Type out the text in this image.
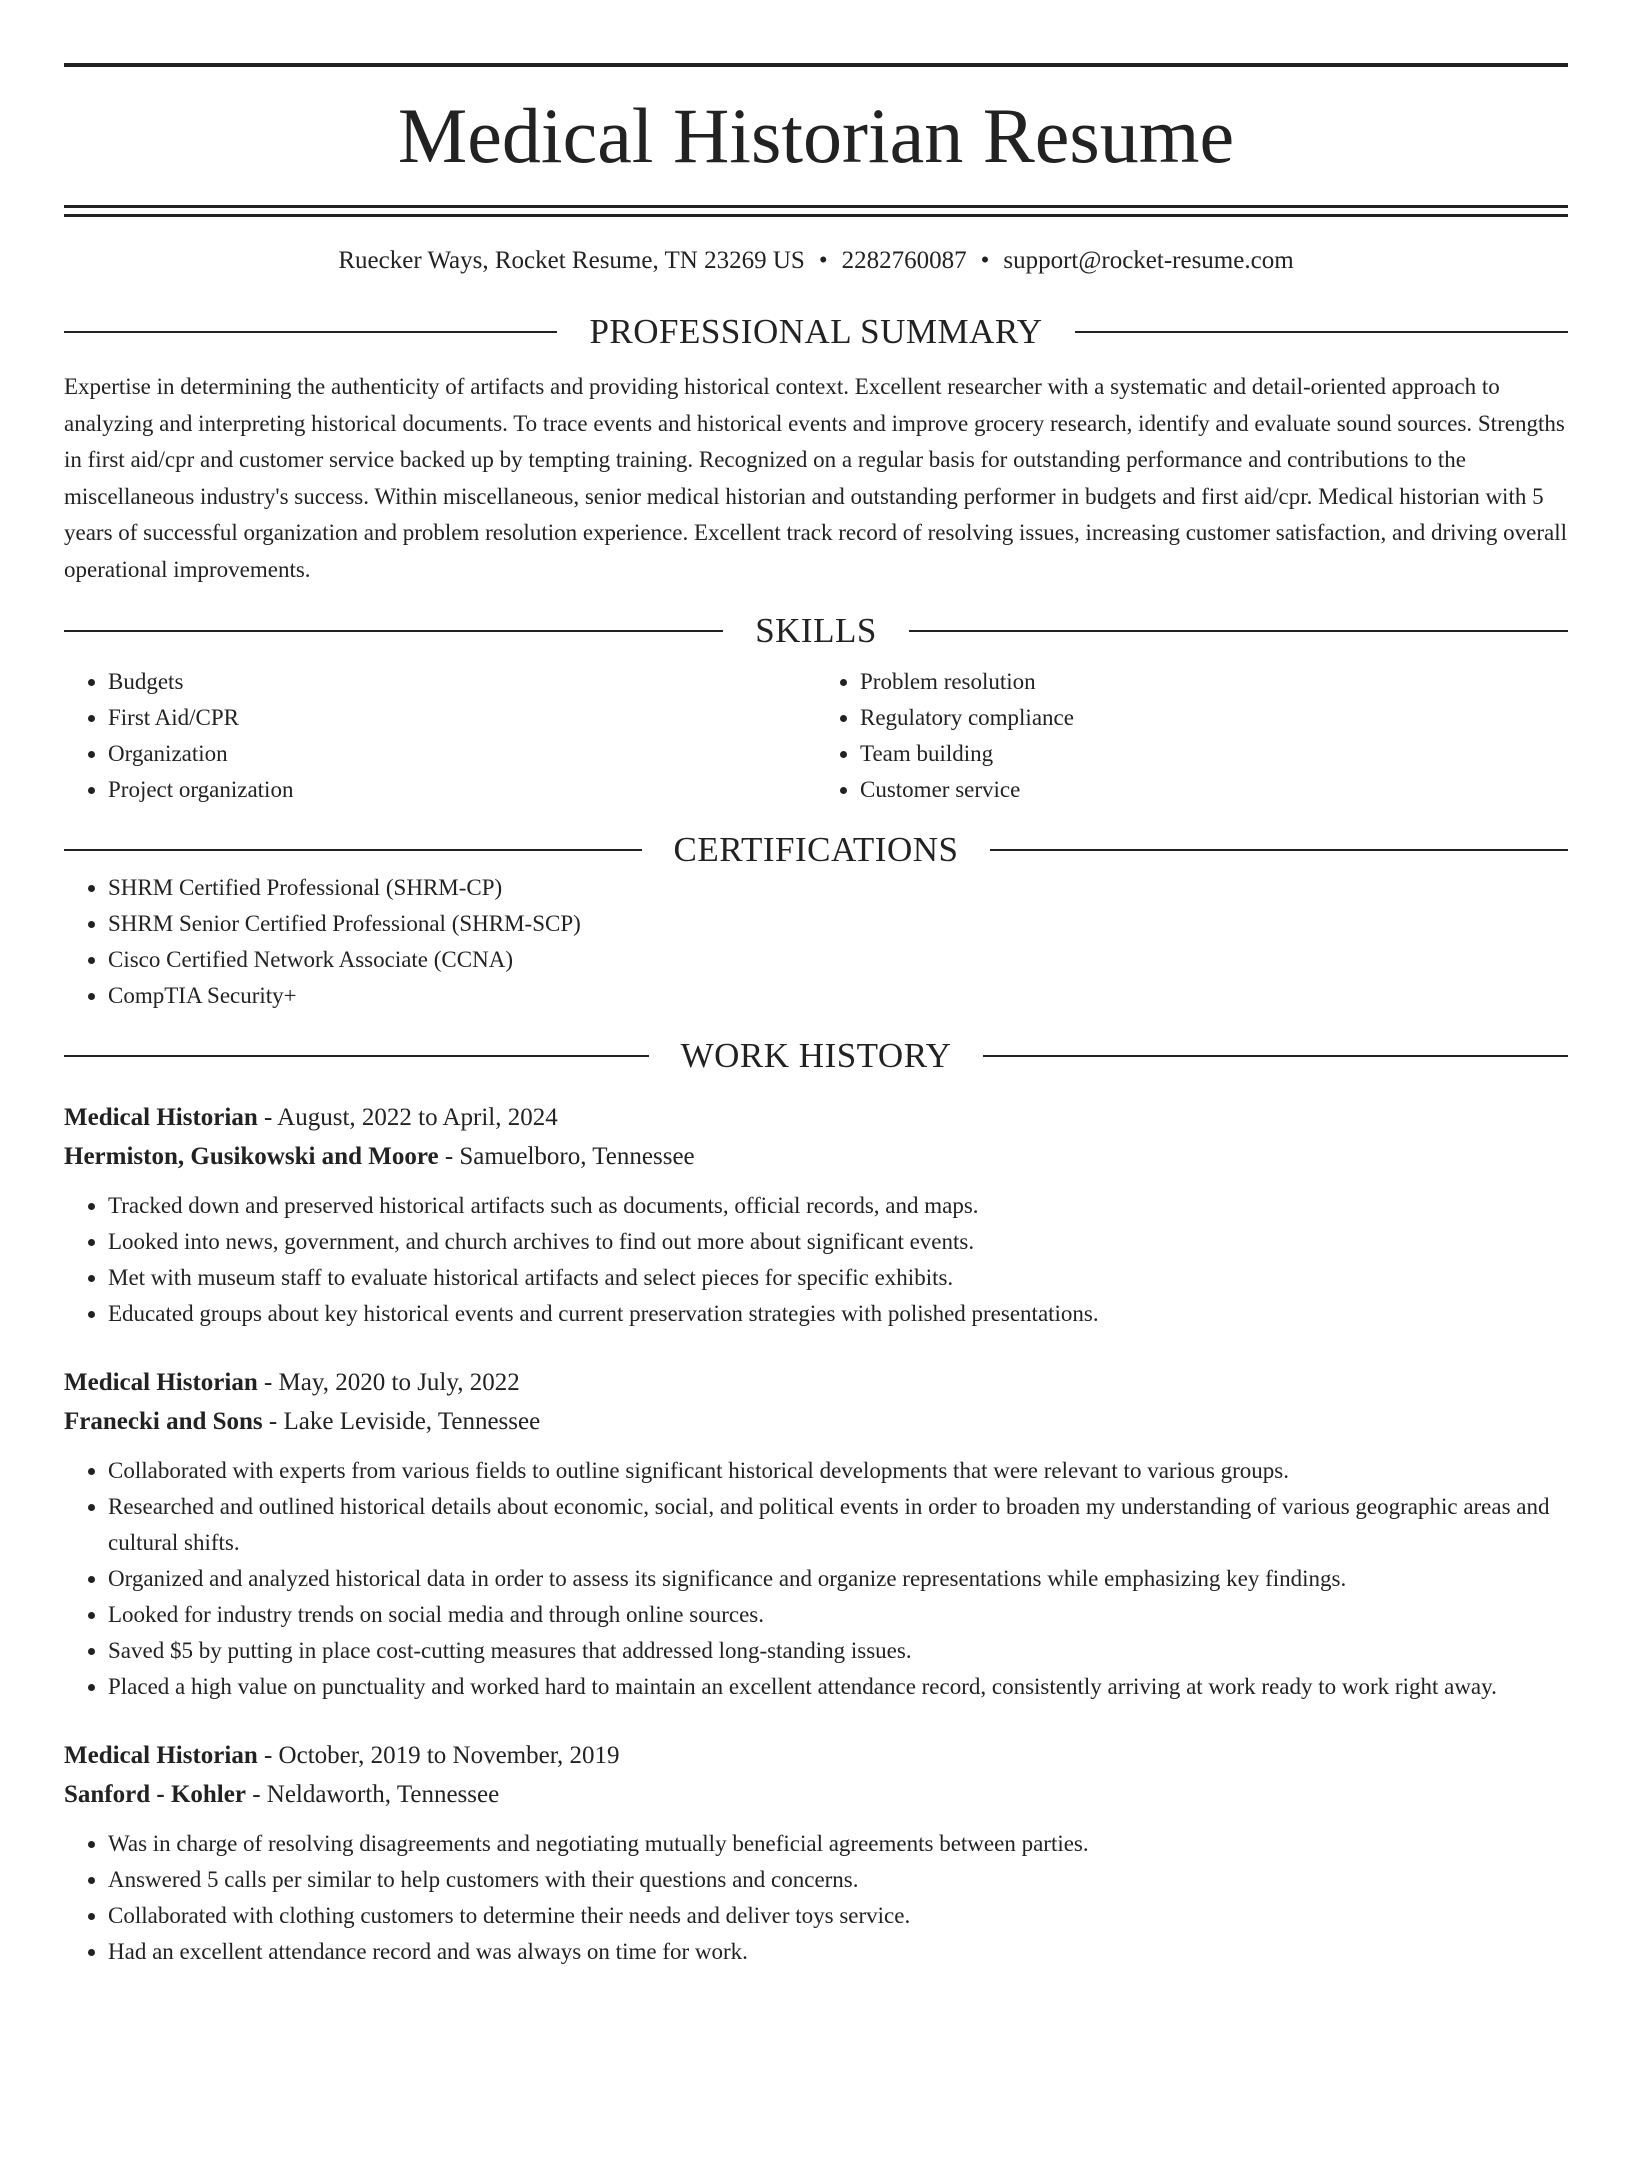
Medical Historian Resume
Ruecker Ways, Rocket Resume, TN 23269 US • 2282760087 • support@rocket-resume.com
PROFESSIONAL SUMMARY

Expertise in determining the authenticity of artifacts and providing historical context. Excellent researcher with a systematic and detail-oriented approach to analyzing and interpreting historical documents. To trace events and historical events and improve grocery research, identify and evaluate sound sources. Strengths in first aid/cpr and customer service backed up by tempting training. Recognized on a regular basis for outstanding performance and contributions to the miscellaneous industry's success. Within miscellaneous, senior medical historian and outstanding performer in budgets and first aid/cpr. Medical historian with 5 years of successful organization and problem resolution experience. Excellent track record of resolving issues, increasing customer satisfaction, and driving overall operational improvements.

SKILLS
• Budgets
• First Aid/CPR
• Organization
• Project organization
• Problem resolution
• Regulatory compliance
• Team building
• Customer service
CERTIFICATIONS
• SHRM Certified Professional (SHRM-CP)
• SHRM Senior Certified Professional (SHRM-SCP)
• Cisco Certified Network Associate (CCNA)
• CompTIA Security+
WORK HISTORY
Medical Historian - August, 2022 to April, 2024
Hermiston, Gusikowski and Moore - Samuelboro, Tennessee
• Tracked down and preserved historical artifacts such as documents, official records, and maps.
• Looked into news, government, and church archives to find out more about significant events.
• Met with museum staff to evaluate historical artifacts and select pieces for specific exhibits.
• Educated groups about key historical events and current preservation strategies with polished presentations.
Medical Historian - May, 2020 to July, 2022
Franecki and Sons - Lake Leviside, Tennessee
• Collaborated with experts from various fields to outline significant historical developments that were relevant to various groups.
• Researched and outlined historical details about economic, social, and political events in order to broaden my understanding of various geographic areas and cultural shifts.
• Organized and analyzed historical data in order to assess its significance and organize representations while emphasizing key findings.
• Looked for industry trends on social media and through online sources.
• Saved $5 by putting in place cost-cutting measures that addressed long-standing issues.
• Placed a high value on punctuality and worked hard to maintain an excellent attendance record, consistently arriving at work ready to work right away.
Medical Historian - October, 2019 to November, 2019
Sanford - Kohler - Neldaworth, Tennessee
• Was in charge of resolving disagreements and negotiating mutually beneficial agreements between parties.
• Answered 5 calls per similar to help customers with their questions and concerns.
• Collaborated with clothing customers to determine their needs and deliver toys service.
• Had an excellent attendance record and was always on time for work.
